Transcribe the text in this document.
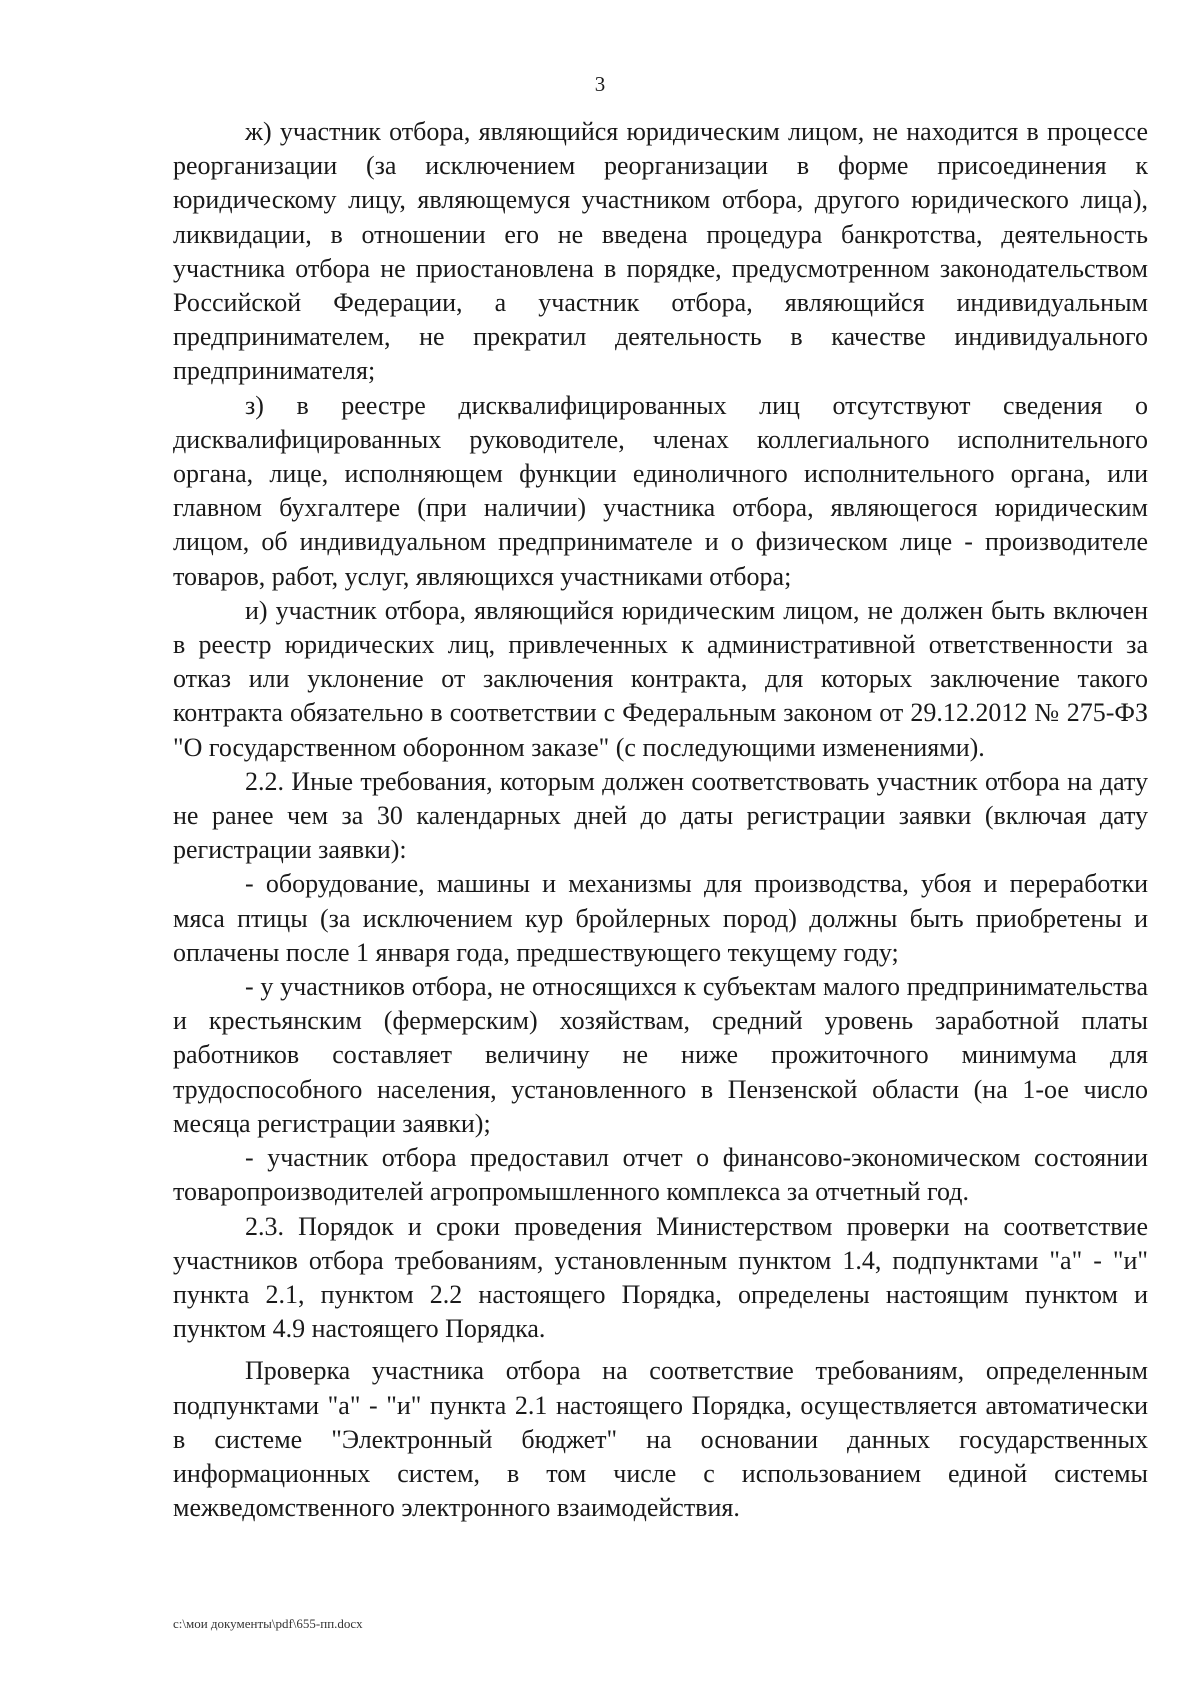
3

ж) участник отбора, являющийся юридическим лицом, не находится в процессе реорганизации (за исключением реорганизации в форме присоединения к юридическому лицу, являющемуся участником отбора, другого юридического лица), ликвидации, в отношении его не введена процедура банкротства, деятельность участника отбора не приостановлена в порядке, предусмотренном законодательством Российской Федерации, а участник отбора, являющийся индивидуальным предпринимателем, не прекратил деятельность в качестве индивидуального предпринимателя;

з) в реестре дисквалифицированных лиц отсутствуют сведения о дисквалифицированных руководителе, членах коллегиального исполнительного органа, лице, исполняющем функции единоличного исполнительного органа, или главном бухгалтере (при наличии) участника отбора, являющегося юридическим лицом, об индивидуальном предпринимателе и о физическом лице - производителе товаров, работ, услуг, являющихся участниками отбора;

и) участник отбора, являющийся юридическим лицом, не должен быть включен в реестр юридических лиц, привлеченных к административной ответственности за отказ или уклонение от заключения контракта, для которых заключение такого контракта обязательно в соответствии с Федеральным законом от 29.12.2012 № 275-ФЗ "О государственном оборонном заказе" (с последующими изменениями).

2.2. Иные требования, которым должен соответствовать участник отбора на дату не ранее чем за 30 календарных дней до даты регистрации заявки (включая дату регистрации заявки):

- оборудование, машины и механизмы для производства, убоя и переработки мяса птицы (за исключением кур бройлерных пород) должны быть приобретены и оплачены после 1 января года, предшествующего текущему году;

- у участников отбора, не относящихся к субъектам малого предпринимательства и крестьянским (фермерским) хозяйствам, средний уровень заработной платы работников составляет величину не ниже прожиточного минимума для трудоспособного населения, установленного в Пензенской области (на 1-ое число месяца регистрации заявки);

- участник отбора предоставил отчет о финансово-экономическом состоянии товаропроизводителей агропромышленного комплекса за отчетный год.

2.3. Порядок и сроки проведения Министерством проверки на соответствие участников отбора требованиям, установленным пунктом 1.4, подпунктами "а" - "и" пункта 2.1, пунктом 2.2 настоящего Порядка, определены настоящим пунктом и пунктом 4.9 настоящего Порядка.

Проверка участника отбора на соответствие требованиям, определенным подпунктами "а" - "и" пункта 2.1 настоящего Порядка, осуществляется автоматически в системе "Электронный бюджет" на основании данных государственных информационных систем, в том числе с использованием единой системы межведомственного электронного взаимодействия.

c:\мои документы\pdf\655-пп.docx
